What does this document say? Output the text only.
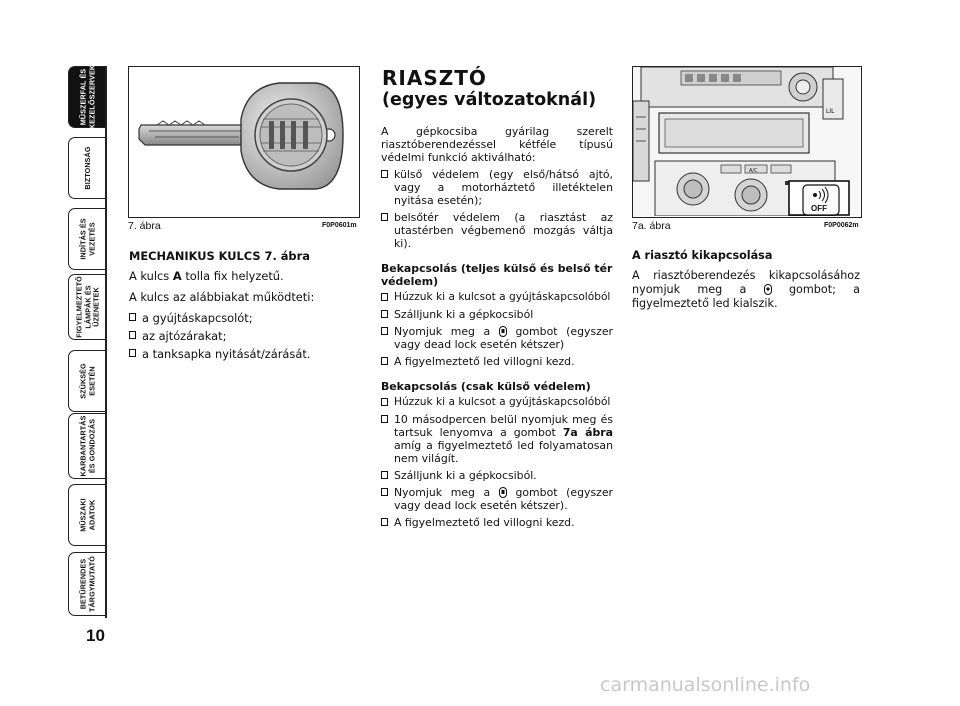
MŰSZERFAL ÉS
KEZELŐSZERVEK
BIZTONSÁG
INDÍTÁS ÉS
VEZETÉS
FIGYELMEZTETŐ
LÁMPÁK ÉS
ÜZENETEK
SZÜKSÉG
ESETÉN
KARBANTARTÁS
ÉS GONDOZÁS
MŰSZAKI
ADATOK
BETŰRENDES
TÁRGYMUTATÓ
10
7. ábra	F0P0601m

MECHANIKUS KULCS 7. ábra

A kulcs A tolla fix helyzetű.

A kulcs az alábbiakat működteti:

a gyújtáskapcsolót;

az ajtózárakat;

a tanksapka nyitását/zárását.

RIASZTÓ
(egyes változatoknál)

A gépkocsiba gyárilag szerelt riasztóberendezéssel kétféle típusú védelmi funkció aktiválható:

külső védelem (egy első/hátsó ajtó, vagy a motorháztető illetéktelen nyitása esetén);

belsőtér védelem (a riasztást az utastérben végbemenő mozgás váltja ki).

Bekapcsolás (teljes külső és belső tér védelem)

Húzzuk ki a kulcsot a gyújtáskapcsolóból

Szálljunk ki a gépkocsiból

Nyomjuk meg a gombot (egyszer vagy dead lock esetén kétszer)

A figyelmeztető led villogni kezd.

Bekapcsolás (csak külső védelem)

Húzzuk ki a kulcsot a gyújtáskapcsolóból

10 másodpercen belül nyomjuk meg és tartsuk lenyomva a gombot 7a ábra amíg a figyelmeztető led folyamatosan nem világít.

Szálljunk ki a gépkocsiból.

Nyomjuk meg a gombot (egyszer vagy dead lock esetén kétszer).

A figyelmeztető led villogni kezd.

LIL
A/C
OFF
7a. ábra	F0P0062m

A riasztó kikapcsolása

A riasztóberendezés kikapcsolásához nyomjuk meg a	gombot; a figyelmeztető led kialszik.

carmanualsonline.info
